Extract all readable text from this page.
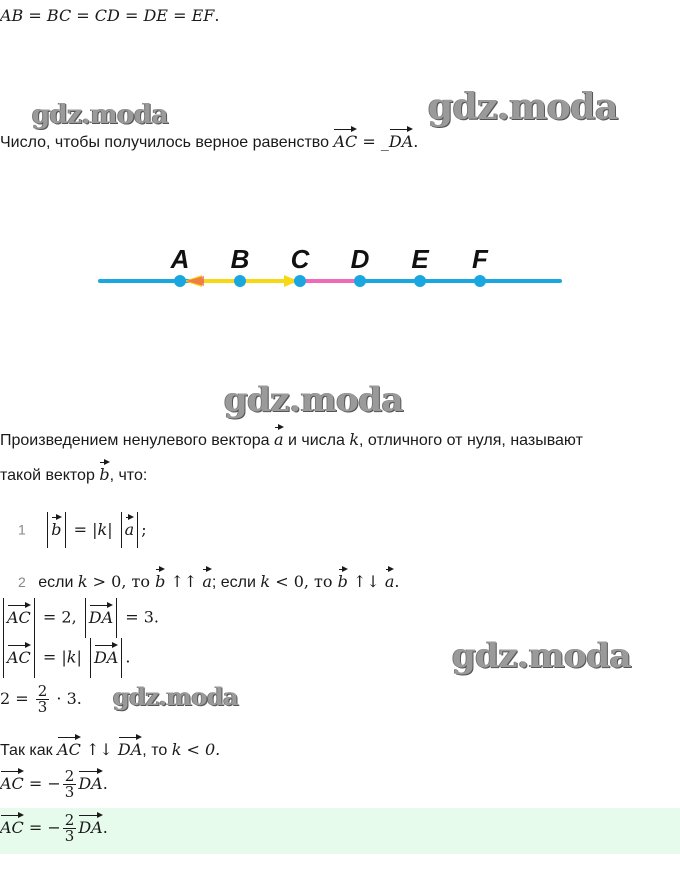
AB = BC = CD = DE = EF.
gdz.moda	gdz.moda
Число, чтобы получилось верное равенство AC = _DA.
A B C D E F
gdz.moda
Произведением ненулевого вектора a и числа k, отличного от нуля, называют
такой вектор b, что:
1 b = |k| a ;
2 если k > 0, то b ↑↑ a; если k < 0, то b ↑↓ a.
AC = 2, DA = 3.
AC = |k| DA .	gdz.moda
gdz.moda
$2 = \frac{2}{3} \cdot 3$.
Так как AC ↑↓ DA, то k < 0.
AC = − $\frac{2}{3}$ DA.
AC = − $\frac{2}{3}$ DA.
